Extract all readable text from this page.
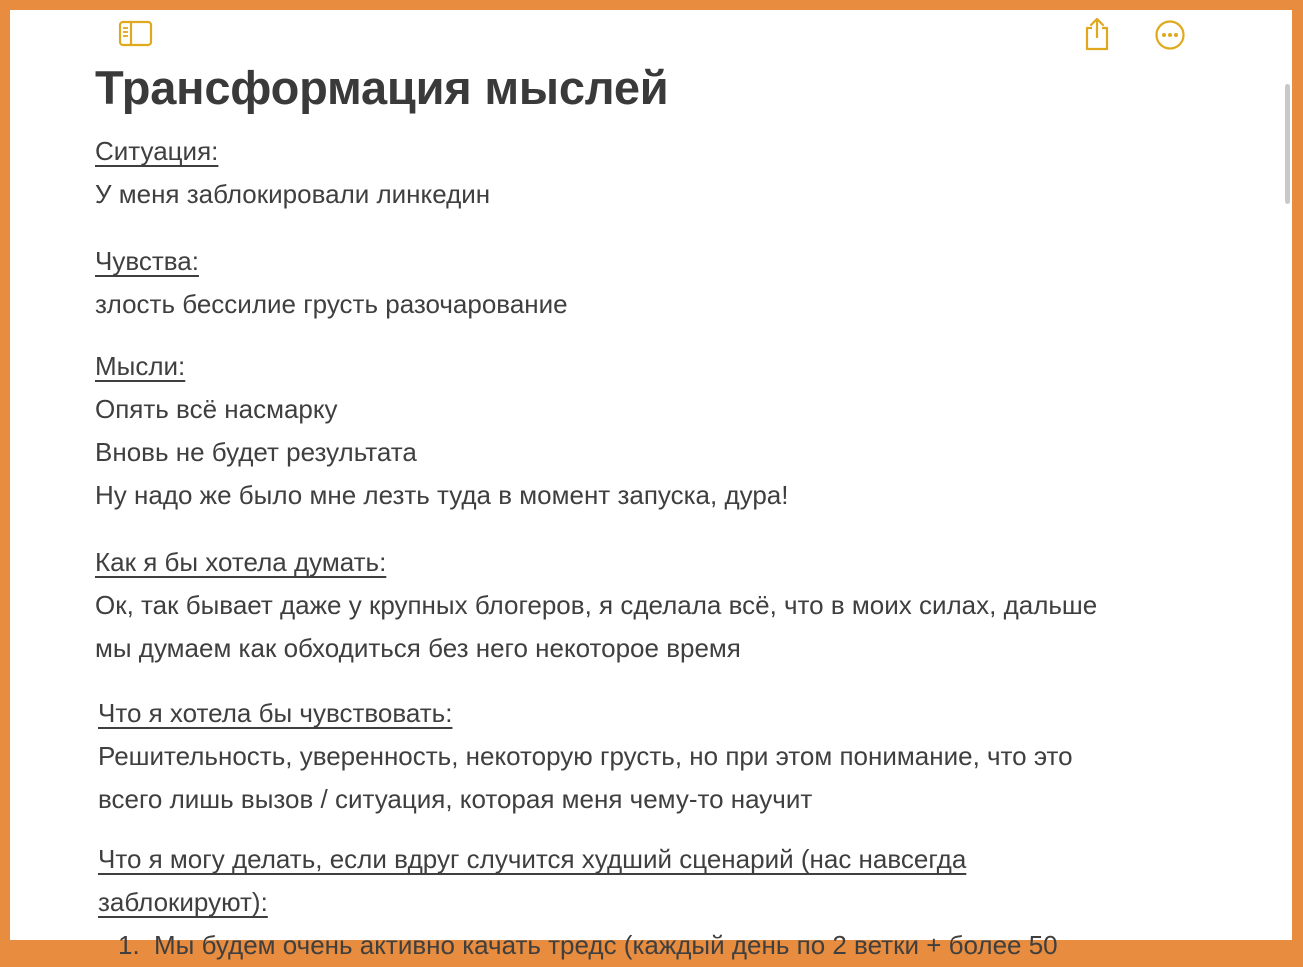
Трансформация мыслей
Ситуация:
У меня заблокировали линкедин
Чувства:
злость бессилие грусть разочарование
Мысли:
Опять всё насмарку
Вновь не будет результата
Ну надо же было мне лезть туда в момент запуска, дура!
Как я бы хотела думать:
Ок, так бывает даже у крупных блогеров, я сделала всё, что в моих силах, дальше
мы думаем как обходиться без него некоторое время
Что я хотела бы чувствовать:
Решительность, уверенность, некоторую грусть, но при этом понимание, что это
всего лишь вызов / ситуация, которая меня чему-то научит
Что я могу делать, если вдруг случится худший сценарий (нас навсегда
заблокируют):
1. Мы будем очень активно качать тредс (каждый день по 2 ветки + более 50
